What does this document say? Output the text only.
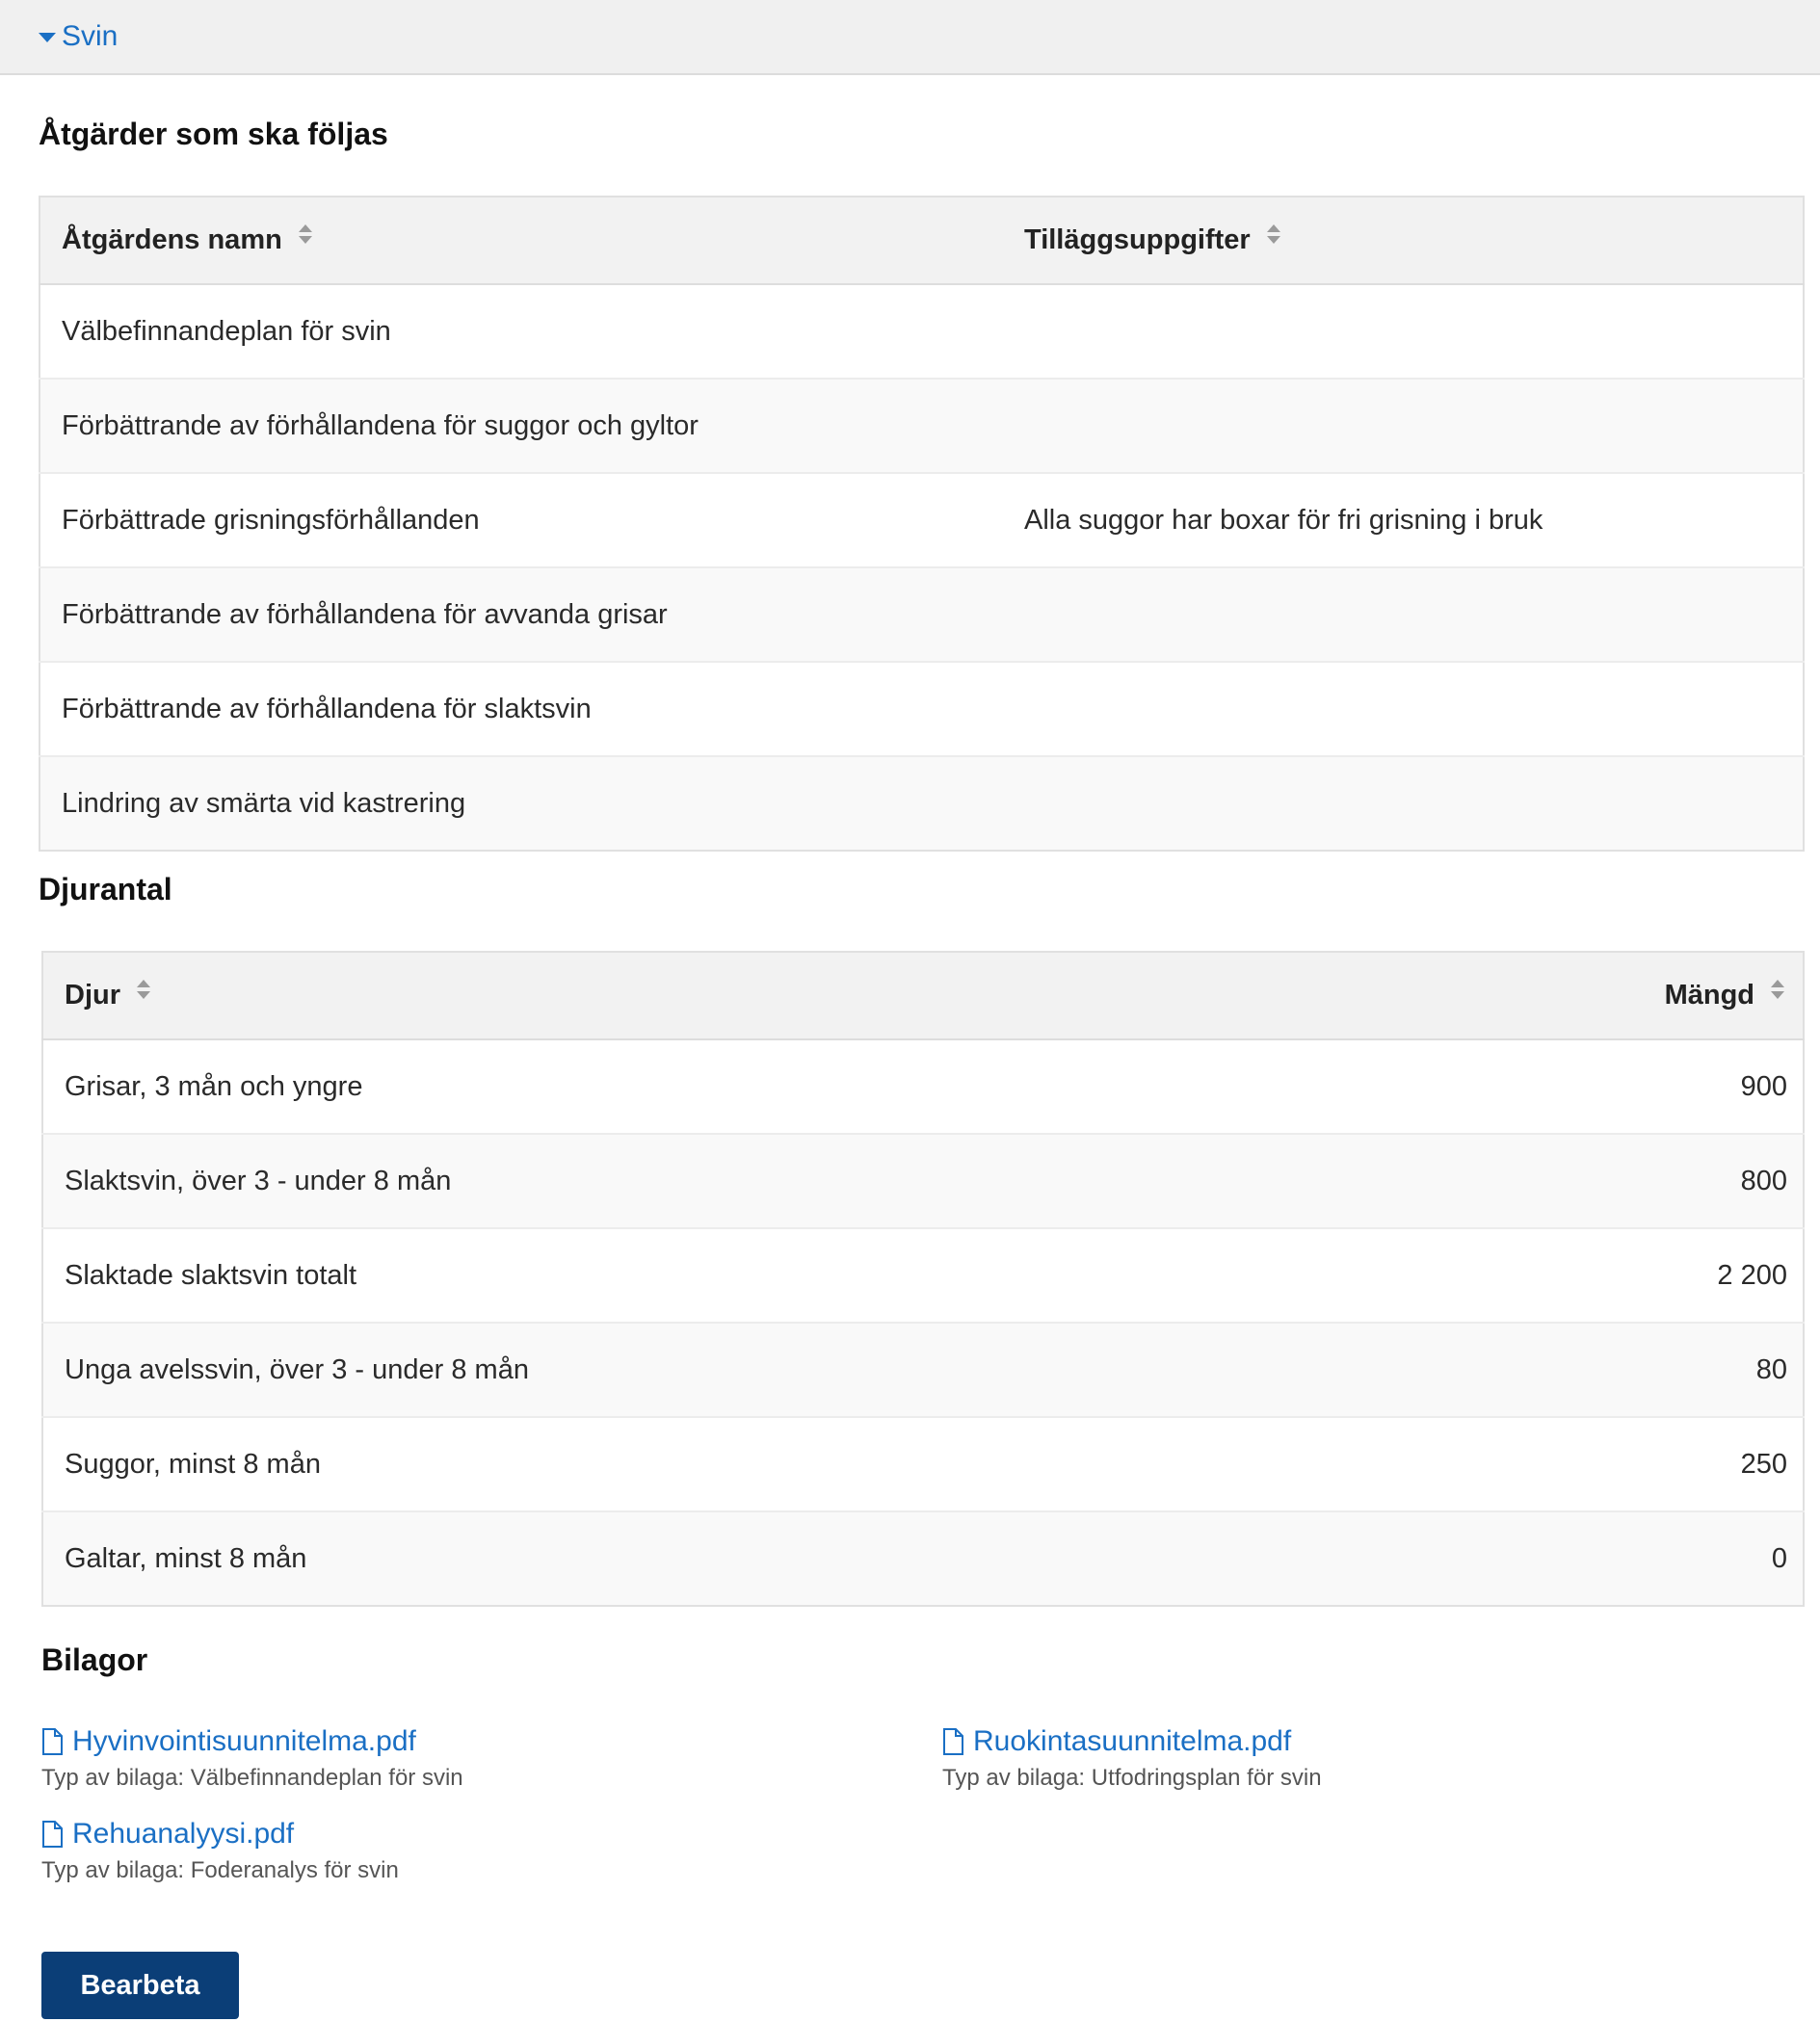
Svin
Åtgärder som ska följas
Åtgärdens namn	Tilläggsuppgifter
Välbefinnandeplan för svin	
Förbättrande av förhållandena för suggor och gyltor	
Förbättrade grisningsförhållanden	Alla suggor har boxar för fri grisning i bruk
Förbättrande av förhållandena för avvanda grisar	
Förbättrande av förhållandena för slaktsvin	
Lindring av smärta vid kastrering	
Djurantal
Djur	Mängd
Grisar, 3 mån och yngre	900
Slaktsvin, över 3 - under 8 mån	800
Slaktade slaktsvin totalt	2 200
Unga avelssvin, över 3 - under 8 mån	80
Suggor, minst 8 mån	250
Galtar, minst 8 mån	0
Bilagor
Hyvinvointisuunnitelma.pdf
Typ av bilaga: Välbefinnandeplan för svin
Ruokintasuunnitelma.pdf
Typ av bilaga: Utfodringsplan för svin
Rehuanalyysi.pdf
Typ av bilaga: Foderanalys för svin
Bearbeta
